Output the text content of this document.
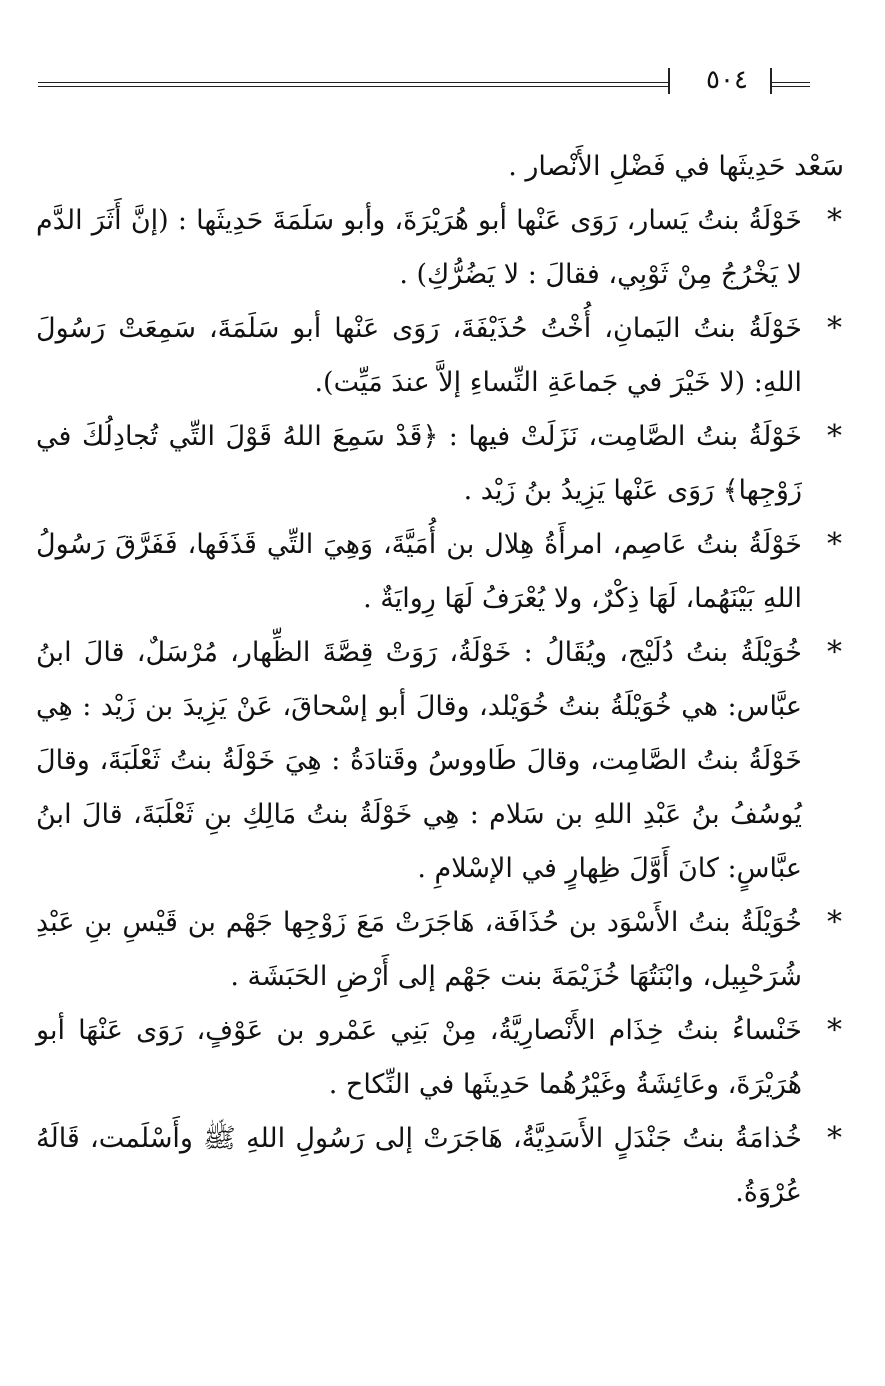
٥٠٤

سَعْد حَدِيثَها في فَضْلِ الأَنْصار .

*
خَوْلَةُ بنتُ يَسار، رَوَى عَنْها أبو هُرَيْرَةَ، وأبو سَلَمَةَ حَدِيثَها : (إنَّ أَثَرَ الدَّم لا يَخْرُجُ مِنْ ثَوْبِي، فقالَ : لا يَضُرُّكِ) .

*
خَوْلَةُ بنتُ اليَمانِ، أُخْتُ حُذَيْفَةَ، رَوَى عَنْها أبو سَلَمَةَ، سَمِعَتْ رَسُولَ اللهِ: (لا خَيْرَ في جَماعَةِ النِّساءِ إلاَّ عندَ مَيِّت).

*
خَوْلَةُ بنتُ الصَّامِت، نَزَلَتْ فيها : ﴿قَدْ سَمِعَ اللهُ قَوْلَ التِّي تُجادِلُكَ في زَوْجِها﴾ رَوَى عَنْها يَزِيدُ بنُ زَيْد .

*
خَوْلَةُ بنتُ عَاصِم، امرأَةُ هِلال بن أُمَيَّةَ، وَهِيَ التِّي قَذَفَها، فَفَرَّقَ رَسُولُ اللهِ بَيْنَهُما، لَهَا ذِكْرٌ، ولا يُعْرَفُ لَهَا رِوايَةٌ .

*
خُوَيْلَةُ بنتُ دُلَيْج، ويُقَالُ : خَوْلَةُ، رَوَتْ قِصَّةَ الظِّهار، مُرْسَلٌ، قالَ ابنُ عبَّاس: هي خُوَيْلَةُ بنتُ خُوَيْلد، وقالَ أبو إسْحاقَ، عَنْ يَزِيدَ بن زَيْد : هِي خَوْلَةُ بنتُ الصَّامِت، وقالَ طَاووسُ وقَتادَةُ : هِيَ خَوْلَةُ بنتُ ثَعْلَبَةَ، وقالَ يُوسُفُ بنُ عَبْدِ اللهِ بن سَلام : هِي خَوْلَةُ بنتُ مَالِكِ بنِ ثَعْلَبَةَ، قالَ ابنُ عبَّاسٍ: كانَ أَوَّلَ ظِهارٍ في الإسْلامِ .

*
خُوَيْلَةُ بنتُ الأَسْوَد بن حُذَافَة، هَاجَرَتْ مَعَ زَوْجِها جَهْم بن قَيْسِ بنِ عَبْدِ شُرَحْبِيل، وابْنَتُهَا خُزَيْمَةَ بنت جَهْم إلى أَرْضِ الحَبَشَة .

*
خَنْساءُ بنتُ خِذَام الأَنْصارِيَّةُ، مِنْ بَنِي عَمْرو بن عَوْفٍ، رَوَى عَنْهَا أبو هُرَيْرَةَ، وعَائِشَةُ وغَيْرُهُما حَدِيثَها في النِّكاح .

*
خُذامَةُ بنتُ جَنْدَلٍ الأَسَدِيَّةُ، هَاجَرَتْ إلى رَسُولِ اللهِ ﷺ وأَسْلَمت، قَالَهُ عُرْوَةُ.
